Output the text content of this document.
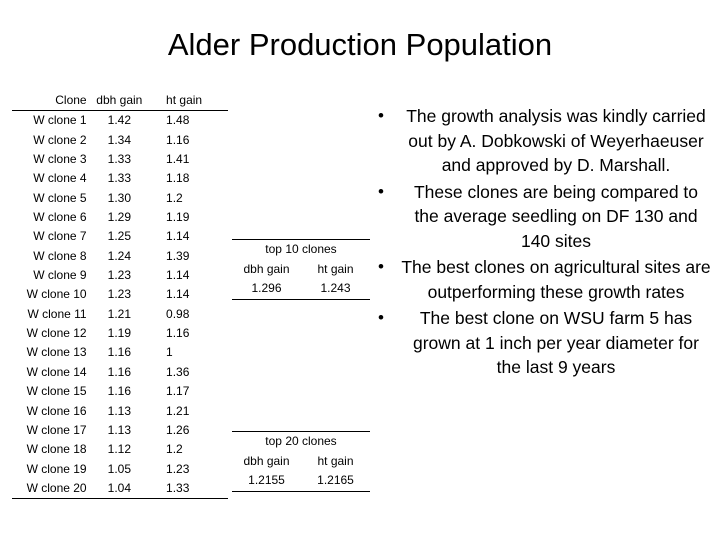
Alder Production Population
Clone	dbh gain	ht gain
W clone 1	1.42	1.48
W clone 2	1.34	1.16
W clone 3	1.33	1.41
W clone 4	1.33	1.18
W clone 5	1.30	1.2
W clone 6	1.29	1.19
W clone 7	1.25	1.14
W clone 8	1.24	1.39
W clone 9	1.23	1.14
W clone 10	1.23	1.14
W clone 11	1.21	0.98
W clone 12	1.19	1.16
W clone 13	1.16	1
W clone 14	1.16	1.36
W clone 15	1.16	1.17
W clone 16	1.13	1.21
W clone 17	1.13	1.26
W clone 18	1.12	1.2
W clone 19	1.05	1.23
W clone 20	1.04	1.33
top 10 clones	
dbh gain	ht gain
1.296	1.243
top 20 clones	
dbh gain	ht gain
1.2155	1.2165
• The growth analysis was kindly carried out by A. Dobkowski of Weyerhaeuser and approved by D. Marshall.
• These clones are being compared to the average seedling on DF 130 and 140 sites
• The best clones on agricultural sites are outperforming these growth rates
• The best clone on WSU farm 5 has grown at 1 inch per year diameter for the last 9 years
